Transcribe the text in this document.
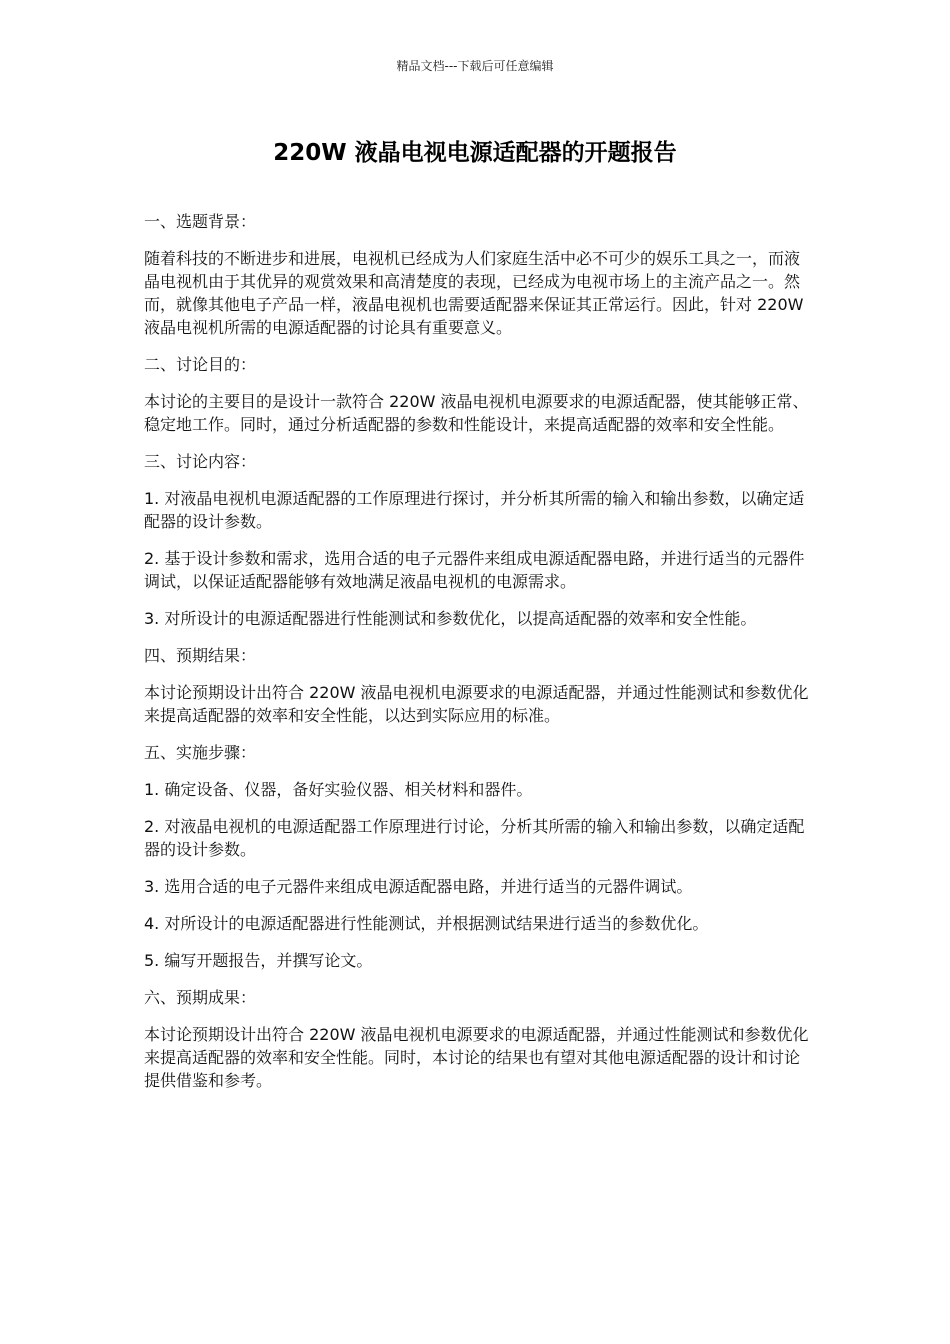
精品文档---下载后可任意编辑
220W 液晶电视电源适配器的开题报告

一、选题背景：

随着科技的不断进步和进展，电视机已经成为人们家庭生活中必不可少的娱乐工具之一，而液晶电视机由于其优异的观赏效果和高清楚度的表现，已经成为电视市场上的主流产品之一。然而，就像其他电子产品一样，液晶电视机也需要适配器来保证其正常运行。因此，针对 220W 液晶电视机所需的电源适配器的讨论具有重要意义。

二、讨论目的：

本讨论的主要目的是设计一款符合 220W 液晶电视机电源要求的电源适配器，使其能够正常、稳定地工作。同时，通过分析适配器的参数和性能设计，来提高适配器的效率和安全性能。

三、讨论内容：

1. 对液晶电视机电源适配器的工作原理进行探讨，并分析其所需的输入和输出参数，以确定适配器的设计参数。

2. 基于设计参数和需求，选用合适的电子元器件来组成电源适配器电路，并进行适当的元器件调试，以保证适配器能够有效地满足液晶电视机的电源需求。

3. 对所设计的电源适配器进行性能测试和参数优化，以提高适配器的效率和安全性能。

四、预期结果：

本讨论预期设计出符合 220W 液晶电视机电源要求的电源适配器，并通过性能测试和参数优化来提高适配器的效率和安全性能，以达到实际应用的标准。

五、实施步骤：

1. 确定设备、仪器，备好实验仪器、相关材料和器件。

2. 对液晶电视机的电源适配器工作原理进行讨论，分析其所需的输入和输出参数，以确定适配器的设计参数。

3. 选用合适的电子元器件来组成电源适配器电路，并进行适当的元器件调试。

4. 对所设计的电源适配器进行性能测试，并根据测试结果进行适当的参数优化。

5. 编写开题报告，并撰写论文。

六、预期成果：

本讨论预期设计出符合 220W 液晶电视机电源要求的电源适配器，并通过性能测试和参数优化来提高适配器的效率和安全性能。同时，本讨论的结果也有望对其他电源适配器的设计和讨论提供借鉴和参考。
